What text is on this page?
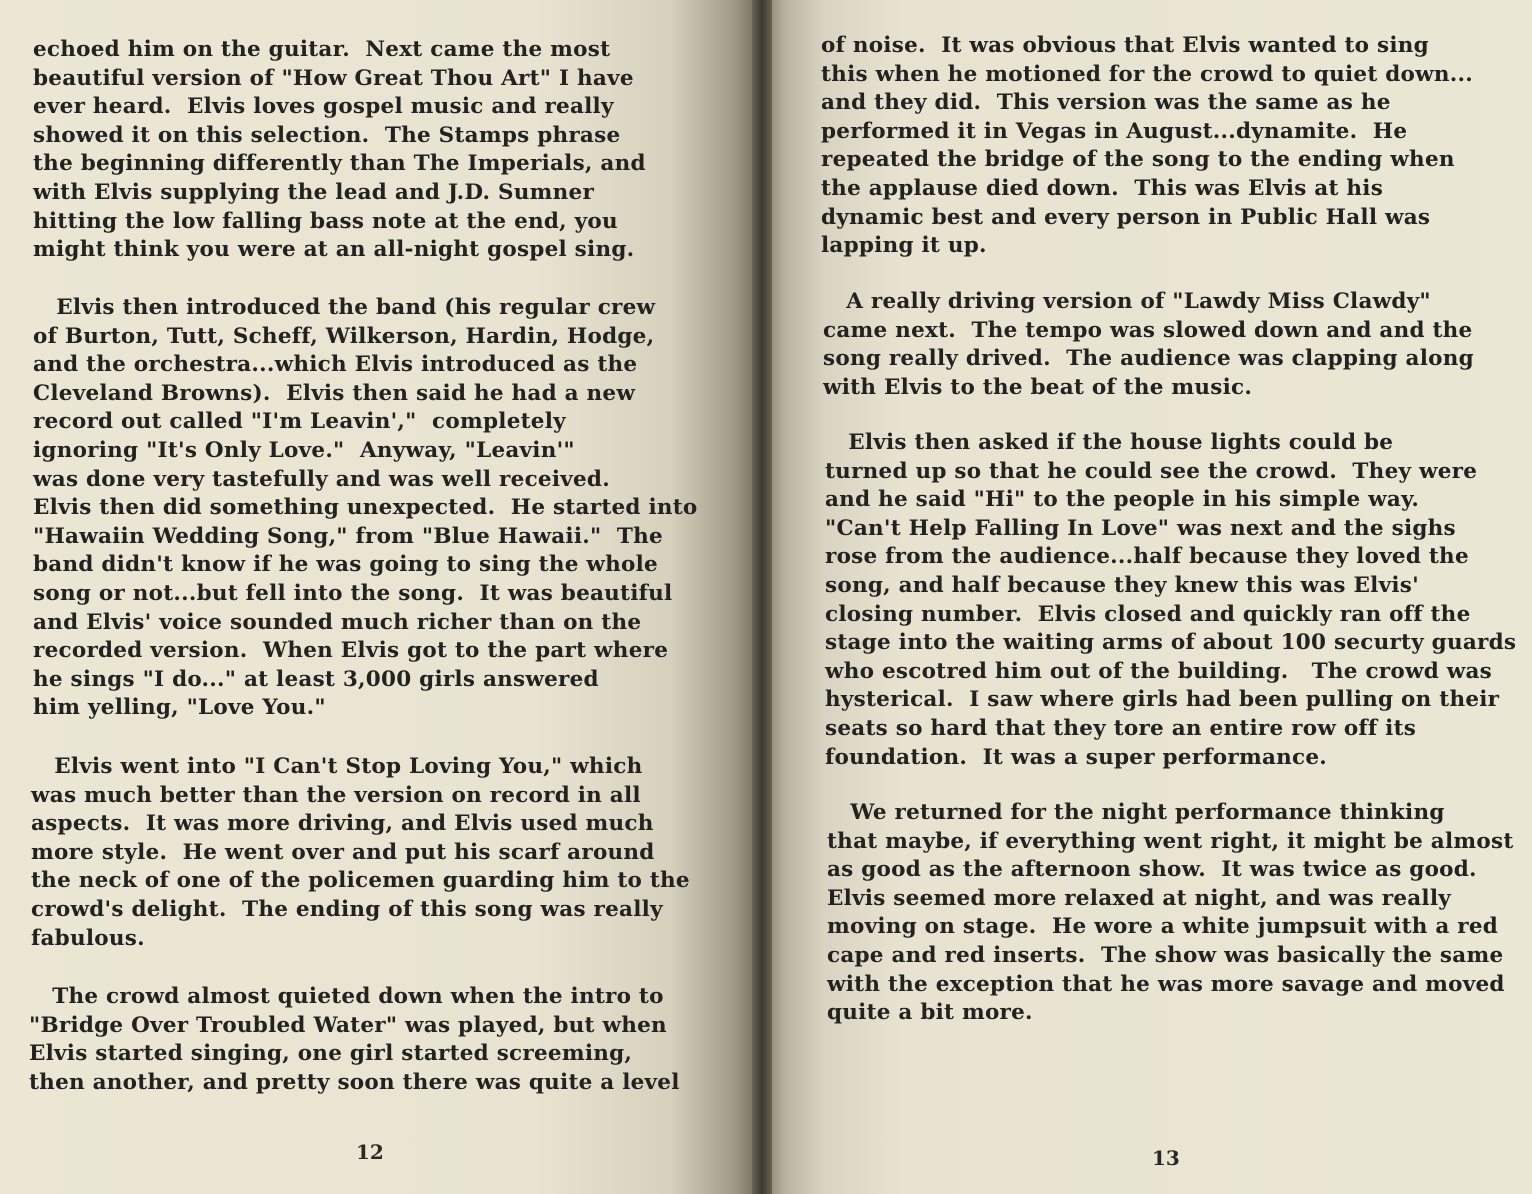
echoed him on the guitar.  Next came the most
beautiful version of "How Great Thou Art" I have
ever heard.  Elvis loves gospel music and really
showed it on this selection.  The Stamps phrase
the beginning differently than The Imperials, and
with Elvis supplying the lead and J.D. Sumner
hitting the low falling bass note at the end, you
might think you were at an all-night gospel sing.

Elvis then introduced the band (his regular crew
of Burton, Tutt, Scheff, Wilkerson, Hardin, Hodge,
and the orchestra...which Elvis introduced as the
Cleveland Browns).  Elvis then said he had a new
record out called "I'm Leavin',"  completely
ignoring "It's Only Love."  Anyway, "Leavin'"
was done very tastefully and was well received.
Elvis then did something unexpected.  He started into
"Hawaiin Wedding Song," from "Blue Hawaii."  The
band didn't know if he was going to sing the whole
song or not...but fell into the song.  It was beautiful
and Elvis' voice sounded much richer than on the
recorded version.  When Elvis got to the part where
he sings "I do..." at least 3,000 girls answered
him yelling, "Love You."

Elvis went into "I Can't Stop Loving You," which
was much better than the version on record in all
aspects.  It was more driving, and Elvis used much
more style.  He went over and put his scarf around
the neck of one of the policemen guarding him to the
crowd's delight.  The ending of this song was really
fabulous.

The crowd almost quieted down when the intro to
"Bridge Over Troubled Water" was played, but when
Elvis started singing, one girl started screeming,
then another, and pretty soon there was quite a level

12

of noise.  It was obvious that Elvis wanted to sing
this when he motioned for the crowd to quiet down...
and they did.  This version was the same as he
performed it in Vegas in August...dynamite.  He
repeated the bridge of the song to the ending when
the applause died down.  This was Elvis at his
dynamic best and every person in Public Hall was
lapping it up.

A really driving version of "Lawdy Miss Clawdy"
came next.  The tempo was slowed down and and the
song really drived.  The audience was clapping along
with Elvis to the beat of the music.

Elvis then asked if the house lights could be
turned up so that he could see the crowd.  They were
and he said "Hi" to the people in his simple way.
"Can't Help Falling In Love" was next and the sighs
rose from the audience...half because they loved the
song, and half because they knew this was Elvis'
closing number.  Elvis closed and quickly ran off the
stage into the waiting arms of about 100 securty guards
who escotred him out of the building.   The crowd was
hysterical.  I saw where girls had been pulling on their
seats so hard that they tore an entire row off its
foundation.  It was a super performance.

We returned for the night performance thinking
that maybe, if everything went right, it might be almost
as good as the afternoon show.  It was twice as good.
Elvis seemed more relaxed at night, and was really
moving on stage.  He wore a white jumpsuit with a red
cape and red inserts.  The show was basically the same
with the exception that he was more savage and moved
quite a bit more.

13
